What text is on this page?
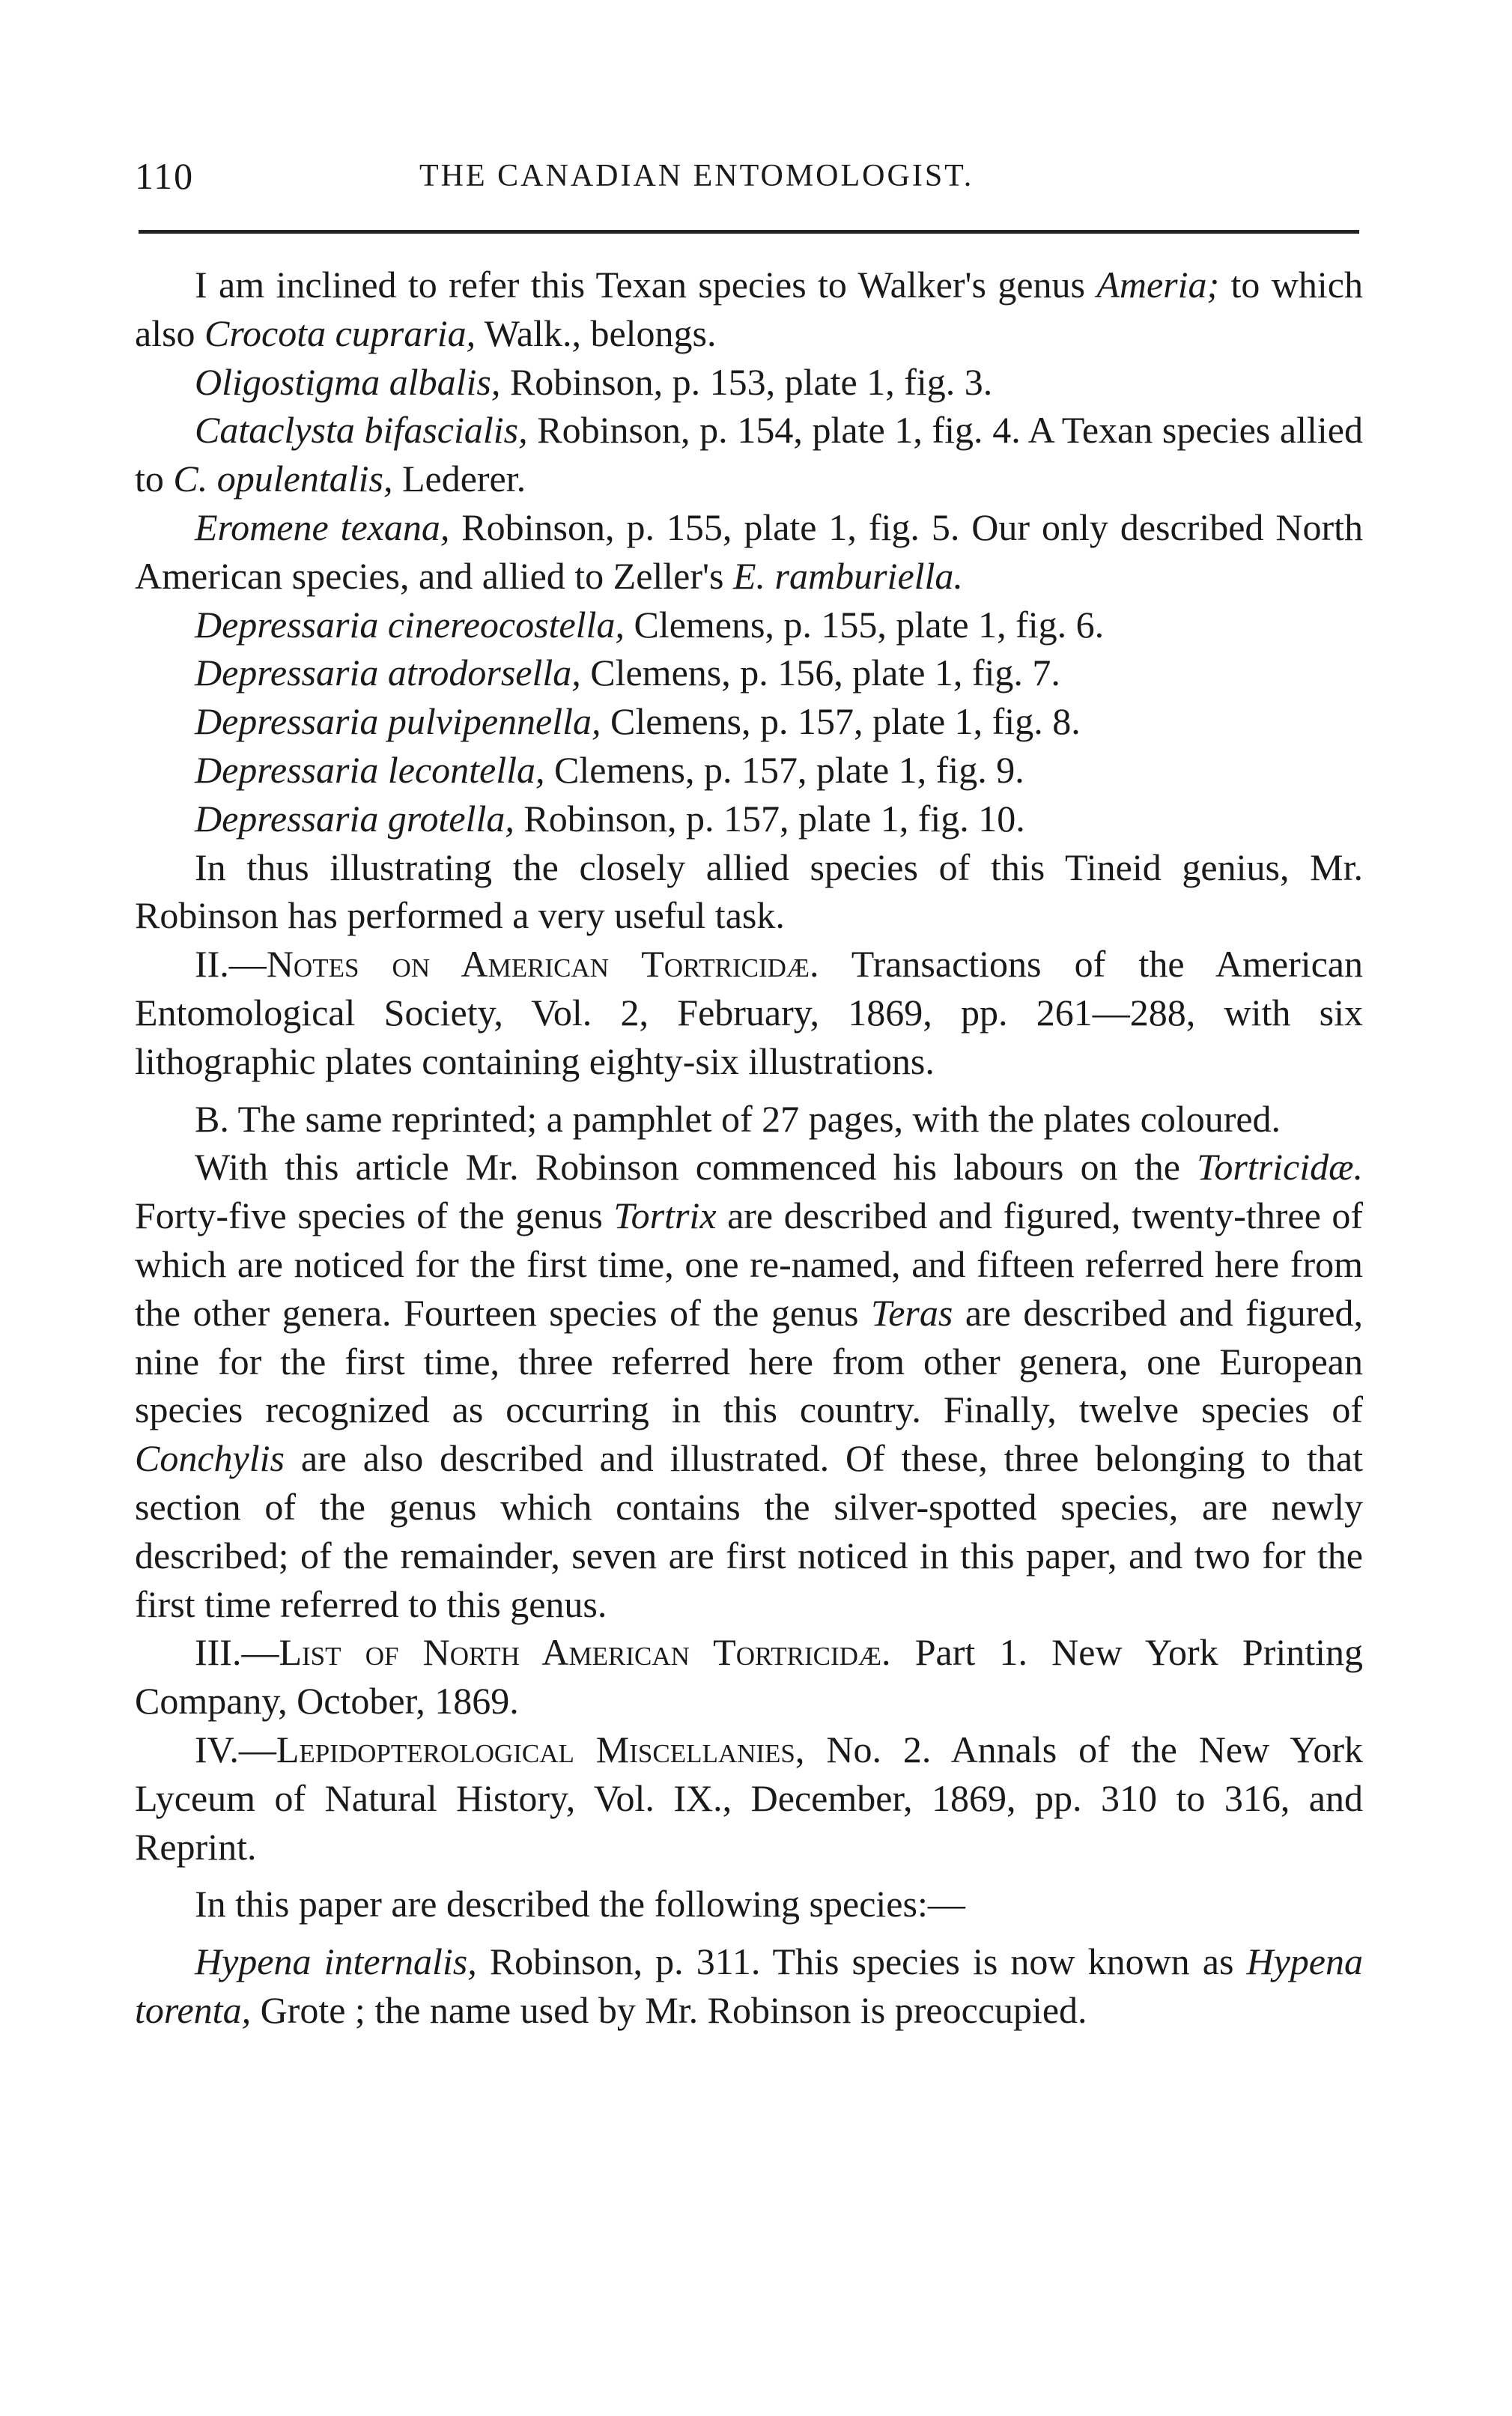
110	THE CANADIAN ENTOMOLOGIST.

I am inclined to refer this Texan species to Walker's genus Ameria; to which also Crocota cupraria, Walk., belongs.

Oligostigma albalis, Robinson, p. 153, plate 1, fig. 3.

Cataclysta bifascialis, Robinson, p. 154, plate 1, fig. 4. A Texan species allied to C. opulentalis, Lederer.

Eromene texana, Robinson, p. 155, plate 1, fig. 5. Our only described North American species, and allied to Zeller's E. ramburiella.

Depressaria cinereocostella, Clemens, p. 155, plate 1, fig. 6.

Depressaria atrodorsella, Clemens, p. 156, plate 1, fig. 7.

Depressaria pulvipennella, Clemens, p. 157, plate 1, fig. 8.

Depressaria lecontella, Clemens, p. 157, plate 1, fig. 9.

Depressaria grotella, Robinson, p. 157, plate 1, fig. 10.

In thus illustrating the closely allied species of this Tineid genius, Mr. Robinson has performed a very useful task.

II.—Notes on American Tortricidæ. Transactions of the American Entomological Society, Vol. 2, February, 1869, pp. 261—288, with six lithographic plates containing eighty-six illustrations.

B. The same reprinted; a pamphlet of 27 pages, with the plates coloured.

With this article Mr. Robinson commenced his labours on the Tortricidæ. Forty-five species of the genus Tortrix are described and figured, twenty-three of which are noticed for the first time, one re-named, and fifteen referred here from the other genera. Fourteen species of the genus Teras are described and figured, nine for the first time, three referred here from other genera, one European species recognized as occurring in this country. Finally, twelve species of Conchylis are also described and illustrated. Of these, three belonging to that section of the genus which contains the silver-spotted species, are newly described; of the remainder, seven are first noticed in this paper, and two for the first time referred to this genus.

III.—List of North American Tortricidæ. Part 1. New York Printing Company, October, 1869.

IV.—Lepidopterological Miscellanies, No. 2. Annals of the New York Lyceum of Natural History, Vol. IX., December, 1869, pp. 310 to 316, and Reprint.

In this paper are described the following species:—

Hypena internalis, Robinson, p. 311. This species is now known as Hypena torenta, Grote ; the name used by Mr. Robinson is preoccupied.
